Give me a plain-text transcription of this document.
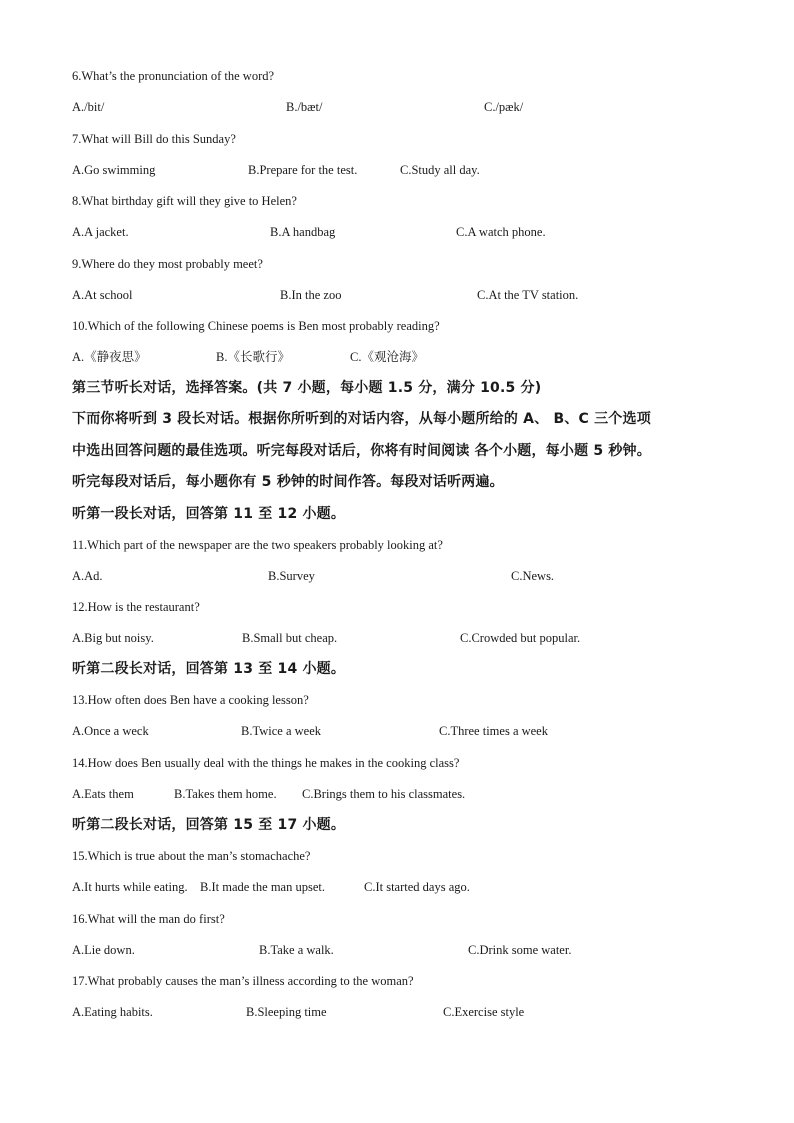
6.What’s the pronunciation of the word?
A./bit/	B./bæt/	C./pæk/
7.What will Bill do this Sunday?
A.Go swimming	B.Prepare for the test.	C.Study all day.
8.What birthday gift will they give to Helen?
A.A jacket.	B.A handbag	C.A watch phone.
9.Where do they most probably meet?
A.At school	B.In the zoo	C.At the TV station.
10.Which of the following Chinese poems is Ben most probably reading?
A.《静夜思》	B.《长歌行》	C.《观沧海》
第三节听长对话，选择答案。(共 7 小题，每小题 1.5 分，满分 10.5 分)
下而你将听到 3 段长对话。根据你所听到的对话内容，从每小题所给的 A、 B、C 三个选项
中选出回答问题的最佳选项。听完每段对话后，你将有时间阅读 各个小题，每小题 5 秒钟。
听完每段对话后，每小题你有 5 秒钟的时间作答。每段对话听两遍。
听第一段长对话，回答第 11 至 12 小题。
11.Which part of the newspaper are the two speakers probably looking at?
A.Ad.	B.Survey	C.News.
12.How is the restaurant?
A.Big but noisy.	B.Small but cheap.	C.Crowded but popular.
听第二段长对话，回答第 13 至 14 小题。
13.How often does Ben have a cooking lesson?
A.Once a weck	B.Twice a week	C.Three times a week
14.How does Ben usually deal with the things he makes in the cooking class?
A.Eats them	B.Takes them home. C.Brings them to his classmates.
听第二段长对话，回答第 15 至 17 小题。
15.Which is true about the man’s stomachache?
A.It hurts while eating. B.It made the man upset.	C.It started days ago.
16.What will the man do first?
A.Lie down.	B.Take a walk.	C.Drink some water.
17.What probably causes the man’s illness according to the woman?
A.Eating habits.	B.Sleeping time	C.Exercise style
